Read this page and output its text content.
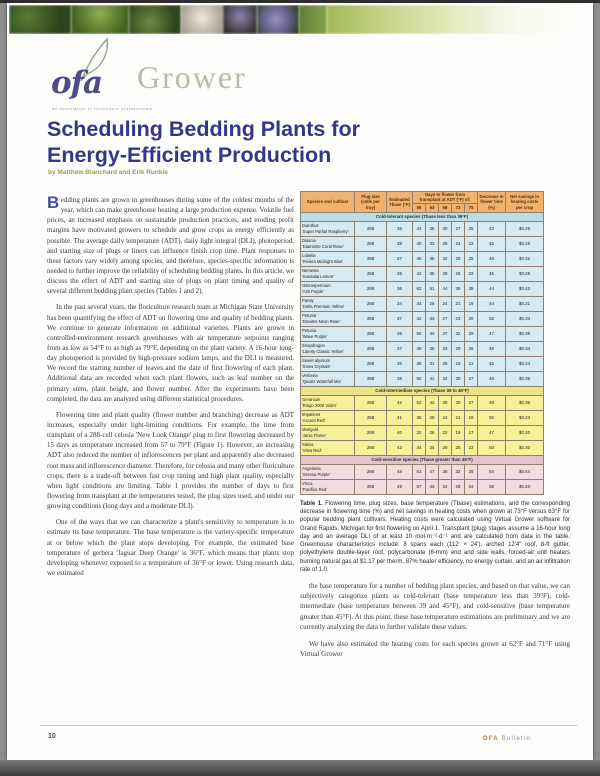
ofa
an association of floriculture professionals
Grower
Scheduling Bedding Plants for
Energy-Efficient Production
by Matthew Blanchard and Erik Runkle

Bedding plants are grown in greenhouses during some of the coldest months of the year, which can make greenhouse heating a large production expense. Volatile fuel prices, an increased emphasis on sustainable production practices, and eroding profit margins have motivated growers to schedule and grow crops as energy efficiently as possible. The average daily temperature (ADT), daily light integral (DLI), photoperiod, and starting size of plugs or liners can influence finish crop time. Plant responses to these factors vary widely among species, and therefore, species-specific information is needed to further improve the reliability of scheduling bedding plants. In this article, we discuss the effect of ADT and starting size of plugs on plant timing and quality of several different bedding plant species (Tables 1 and 2).

In the past several years, the floriculture research team at Michigan State University has been quantifying the effect of ADT on flowering time and quality of bedding plants. We continue to generate information on additional varieties. Plants are grown in controlled-environment research greenhouses with air temperature setpoints ranging from as low as 54°F to as high as 79°F, depending on the plant variety. A 16-hour long-day photoperiod is provided by high-pressure sodium lamps, and the DLI is measured. We record the starting number of leaves and the date of first flowering of each plant. Additional data are recorded when each plant flowers, such as leaf number on the primary stem, plant height, and flower number. After the experiments have been completed, the data are analyzed using different statistical procedures.

Flowering time and plant quality (flower number and branching) decrease as ADT increases, especially under light-limiting conditions. For example, the time from transplant of a 288-cell celosia 'New Look Orange' plug to first flowering decreased by 15 days as temperature increased from 57 to 79°F (Figure 1). However, an increasing ADT also reduced the number of inflorescences per plant and apparently also decreased root mass and inflorescence diameter. Therefore, for celosia and many other floriculture crops, there is a trade-off between fast crop timing and high plant quality, especially when light conditions are limiting. Table 1 provides the number of days to first flowering from transplant at the temperatures tested, the plug sizes used, and under our growing conditions (long days and a moderate DLI).

One of the ways that we can characterize a plant's sensitivity to temperature is to estimate its base temperature. The base temperature is the variety-specific temperature at or below which the plant stops developing. For example, the estimated base temperature of gerbera 'Jaguar Deep Orange' is 36°F, which means that plants stop developing whenever exposed to a temperature of 36°F or lower. Using research data, we estimated

Species and cultivar	Plug size (cells per tray)	Estimated Tbase (°F)	Days to flower from transplant at ADT (°F) of:					Decrease in flower time (%)	Net savings in heating costs per crop
			58	63	68	73	78		
Cold-tolerant species (Tbase less than 39°F)									
Dianthus
'Super Parfait Raspberry'	288	36	44	36	30	27	25	43	$0.29
Diascia
'Diamonte Coral Rose'	288	38	40	33	28	24	22	45	$0.26
Lobelia
'Riviera Midnight Blue'	288	37	46	38	32	28	25	46	$0.32
Nemesia
'Sunsatia Lemon'	288	35	42	35	29	26	23	45	$0.28
Osteospermum
'Asti Purple'	288	36	62	51	44	39	35	44	$0.43
Pansy
'Delta Premium Yellow'	288	34	34	28	24	21	19	44	$0.21
Petunia
'Dreams Neon Rose'	288	37	42	33	27	23	20	52	$0.33
Petunia
'Wave Purple'	288	36	55	44	37	32	29	47	$0.38
Snapdragon
'Liberty Classic Yellow'	288	37	48	39	33	29	26	46	$0.34
Sweet alyssum
'Snow Crystals'	288	36	38	31	26	23	21	45	$0.24
Verbena
'Quartz Waterfall Mix'	288	38	50	41	34	30	27	46	$0.35
Cold-intermediate species (Tbase 39 to 45°F)									
Geranium
'Ringo 2000 Violet'	288	42	52	42	35	30	27	48	$0.36
Impatiens
'Accent Red'	288	41	36	29	24	21	18	50	$0.23
Marigold
'Janie Flame'	288	40	32	26	22	19	17	47	$0.20
Salvia
'Vista Red'	288	43	44	35	29	25	22	50	$0.30
Cold-sensitive species (Tbase greater than 45°F)									
Angelonia
'Serena Purple'	288	48	61	47	38	32	28	54	$0.44
Vinca
'Pacifica Red'	288	49	57	43	34	28	24	58	$0.40

Table 1. Flowering time, plug sizes, base temperature (Tbase) estimations, and the corresponding decrease in flowering time (%) and net savings in heating costs when grown at 73°F versus 63°F for popular bedding plant cultivars. Heating costs were calculated using Virtual Grower software for Grand Rapids, Michigan for first flowering on April 1. Transplant (plug) stages assume a 16-hour long day and an average DLI of at least 10 mol·m⁻²·d⁻¹ and are calculated from data in the table. Greenhouse characteristics include: 8 spans each (112' × 24'), arched 12'4" roof, 8-ft gutter, polyethylene double-layer roof, polycarbonate (8-mm) end and side walls, forced-air unit heaters burning natural gas at $1.17 per therm, 87% heater efficiency, no energy curtain, and an air infiltration rate of 1.0.

the base temperature for a number of bedding plant species, and based on that value, we can subjectively categorize plants as cold-tolerant (base temperature less than 39°F), cold-intermediate (base temperature between 39 and 45°F), and cold-sensitive (base temperature greater than 45°F). At this point, these base temperature estimations are preliminary and we are currently analyzing the data to further validate these values.

We have also estimated the heating costs for each species grown at 62°F and 71°F using Virtual Grower

10	OFA Bulletin
